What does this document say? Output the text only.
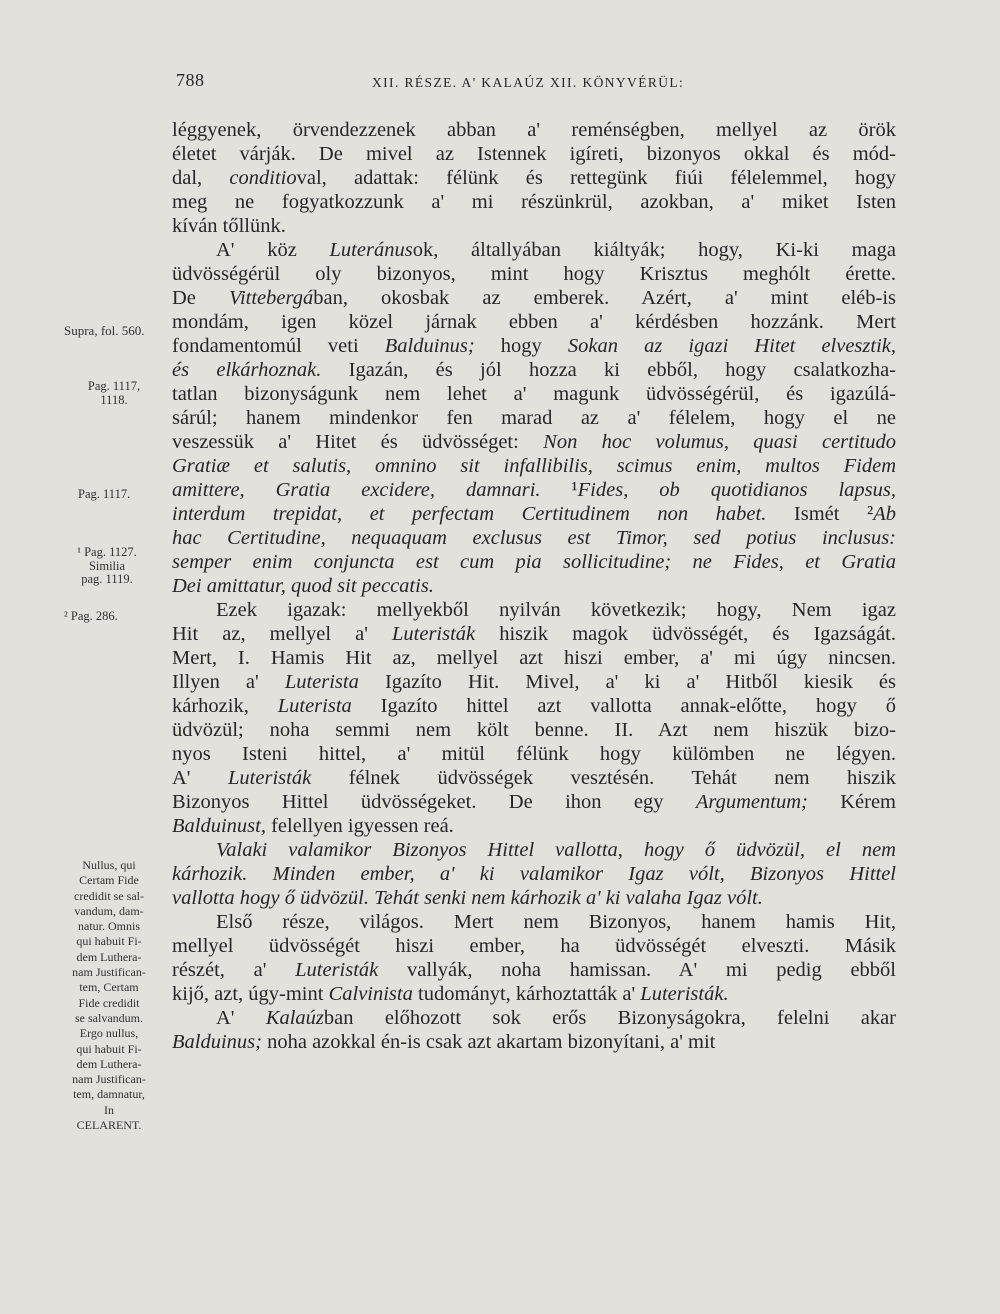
788	XII. RÉSZE. A' KALAÚZ XII. KÖNYVÉRÜL:
léggyenek, örvendezzenek abban a' reménségben, mellyel az örök
életet várják. De mivel az Istennek igíreti, bizonyos okkal és mód-
dal, conditioval, adattak: félünk és rettegünk fiúi félelemmel, hogy
meg ne fogyatkozzunk a' mi részünkrül, azokban, a' miket Isten
kíván tőllünk.
A' köz Luteránusok, általlyában kiáltyák; hogy, Ki-ki maga
üdvösségérül oly bizonyos, mint hogy Krisztus meghólt érette.
De Vittebergában, okosbak az emberek. Azért, a' mint eléb-is
mondám, igen közel járnak ebben a' kérdésben hozzánk. Mert
fondamentomúl veti Balduinus; hogy Sokan az igazi Hitet elvesztik,
és elkárhoznak. Igazán, és jól hozza ki ebből, hogy csalatkozha-
tatlan bizonyságunk nem lehet a' magunk üdvösségérül, és igazúlá-
sárúl; hanem mindenkor fen marad az a' félelem, hogy el ne
veszessük a' Hitet és üdvösséget: Non hoc volumus, quasi certitudo
Gratiæ et salutis, omnino sit infallibilis, scimus enim, multos Fidem
amittere, Gratia excidere, damnari. ¹Fides, ob quotidianos lapsus,
interdum trepidat, et perfectam Certitudinem non habet. Ismét ²Ab
hac Certitudine, nequaquam exclusus est Timor, sed potius inclusus:
semper enim conjuncta est cum pia sollicitudine; ne Fides, et Gratia
Dei amittatur, quod sit peccatis.
Ezek igazak: mellyekből nyilván következik; hogy, Nem igaz
Hit az, mellyel a' Luteristák hiszik magok üdvösségét, és Igazságát.
Mert, I. Hamis Hit az, mellyel azt hiszi ember, a' mi úgy nincsen.
Illyen a' Luterista Igazíto Hit. Mivel, a' ki a' Hitből kiesik és
kárhozik, Luterista Igazíto hittel azt vallotta annak-előtte, hogy ő
üdvözül; noha semmi nem költ benne. II. Azt nem hiszük bizo-
nyos Isteni hittel, a' mitül félünk hogy külömben ne légyen.
A' Luteristák félnek üdvösségek vesztésén. Tehát nem hiszik
Bizonyos Hittel üdvösségeket. De ihon egy Argumentum; Kérem
Balduinust, felellyen igyessen reá.
Valaki valamikor Bizonyos Hittel vallotta, hogy ő üdvözül, el nem
kárhozik. Minden ember, a' ki valamikor Igaz vólt, Bizonyos Hittel
vallotta hogy ő üdvözül. Tehát senki nem kárhozik a' ki valaha Igaz vólt.
Első része, világos. Mert nem Bizonyos, hanem hamis Hit,
mellyel üdvösségét hiszi ember, ha üdvösségét elveszti. Másik
részét, a' Luteristák vallyák, noha hamissan. A' mi pedig ebből
kijő, azt, úgy-mint Calvinista tudományt, kárhoztatták a' Luteristák.
A' Kalaúzban előhozott sok erős Bizonyságokra, felelni akar
Balduinus; noha azokkal én-is csak azt akartam bizonyítani, a' mit
Supra, fol. 560.
Pag. 1117,
1118.
Pag. 1117.
¹ Pag. 1127.
Similia
pag. 1119.
² Pag. 286.
Nullus, qui
Certam Fide
credidit se sal-
vandum, dam-
natur. Omnis
qui habuit Fi-
dem Luthera-
nam Justifican-
tem, Certam
Fide credidit
se salvandum.
Ergo nullus,
qui habuit Fi-
dem Luthera-
nam Justifican-
tem, damnatur,
In
CELARENT.
